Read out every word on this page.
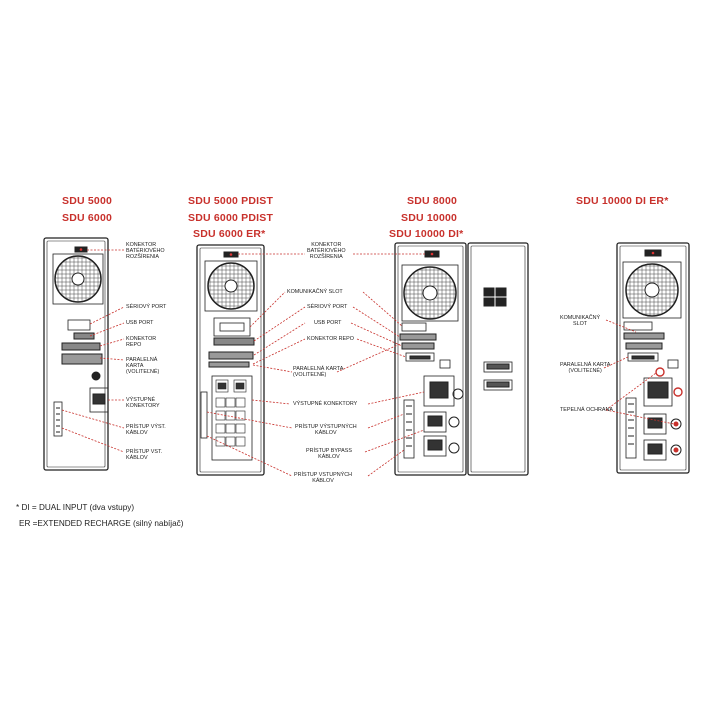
SDU 5000
SDU 6000
SDU 5000 PDIST
SDU 6000 PDIST
SDU 6000 ER*
SDU 8000
SDU 10000
SDU 10000 DI*
SDU 10000 DI ER*
KONEKTOR
BATÉRIOVÉHO
ROZŠÍRENIA
SÉRIOVÝ PORT
USB PORT
KONEKTOR
REPO
PARALELNÁ
KARTA
(VOLITEĽNÉ)
VÝSTUPNÉ
KONEKTORY
PRÍSTUP VÝST.
KÁBLOV
PRÍSTUP VST.
KÁBLOV
KONEKTOR
BATÉRIOVÉHO
ROZŠÍRENIA
KOMUNIKAČNÝ SLOT
SÉRIOVÝ PORT
USB PORT
KONEKTOR REPO
PARALELNÁ KARTA
(VOLITEĽNÉ)
VÝSTUPNÉ KONEKTORY
PRÍSTUP VÝSTUPNÝCH
KÁBLOV
PRÍSTUP BYPASS
KÁBLOV
PRÍSTUP VSTUPNÝCH
KÁBLOV
KOMUNIKAČNÝ
SLOT
PARALELNÁ KARTA
(VOLITEĽNÉ)
TEPELNÁ OCHRANA
* DI = DUAL INPUT (dva vstupy)
ER =EXTENDED RECHARGE (silný nabíjač)
